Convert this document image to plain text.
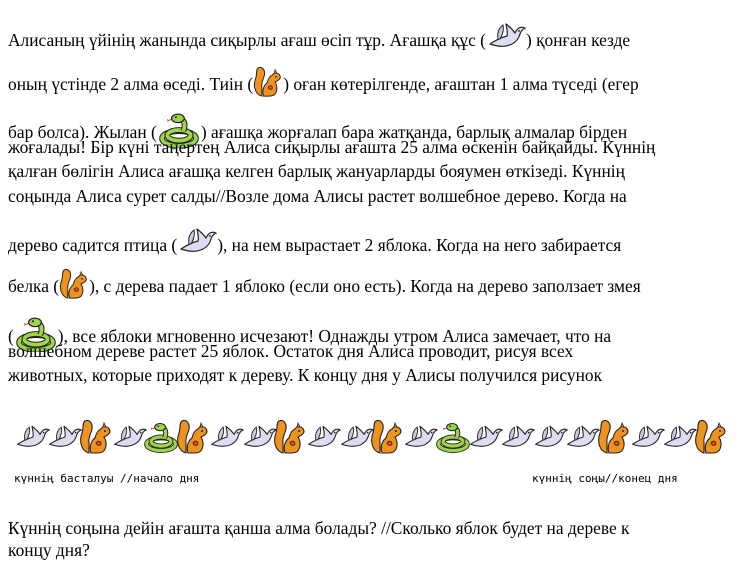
Алисаның үйінің жанында сиқырлы ағаш өсіп тұр. Ағашқа құс ( ) қонған кезде
оның үстінде 2 алма өседі. Тиін ( ) оған көтерілгенде, ағаштан 1 алма түседі (егер
бар болса). Жылан (	) ағашқа жорғалап бара жатқанда, барлық алмалар бірден
жоғалады! Бір күні таңертең Алиса сиқырлы ағашта 25 алма өскенін байқайды. Күннің
қалған бөлігін Алиса ағашқа келген барлық жануарларды бояумен өткізеді. Күннің
соңында Алиса сурет салды//Возле дома Алисы растет волшебное дерево. Когда на
дерево садится птица ( ), на нем вырастает 2 яблока. Когда на него забирается
белка ( ), с дерева падает 1 яблоко (если оно есть). Когда на дерево заползает змея
(	), все яблоки мгновенно исчезают! Однажды утром Алиса замечает, что на
волшебном дереве растет 25 яблок. Остаток дня Алиса проводит, рисуя всех
животных, которые приходят к дереву. К концу дня у Алисы получился рисунок
күннің басталуы //начало дня	күннің соңы//конец дня
Күннің соңына дейін ағашта қанша алма болады? //Сколько яблок будет на дереве к
концу дня?
